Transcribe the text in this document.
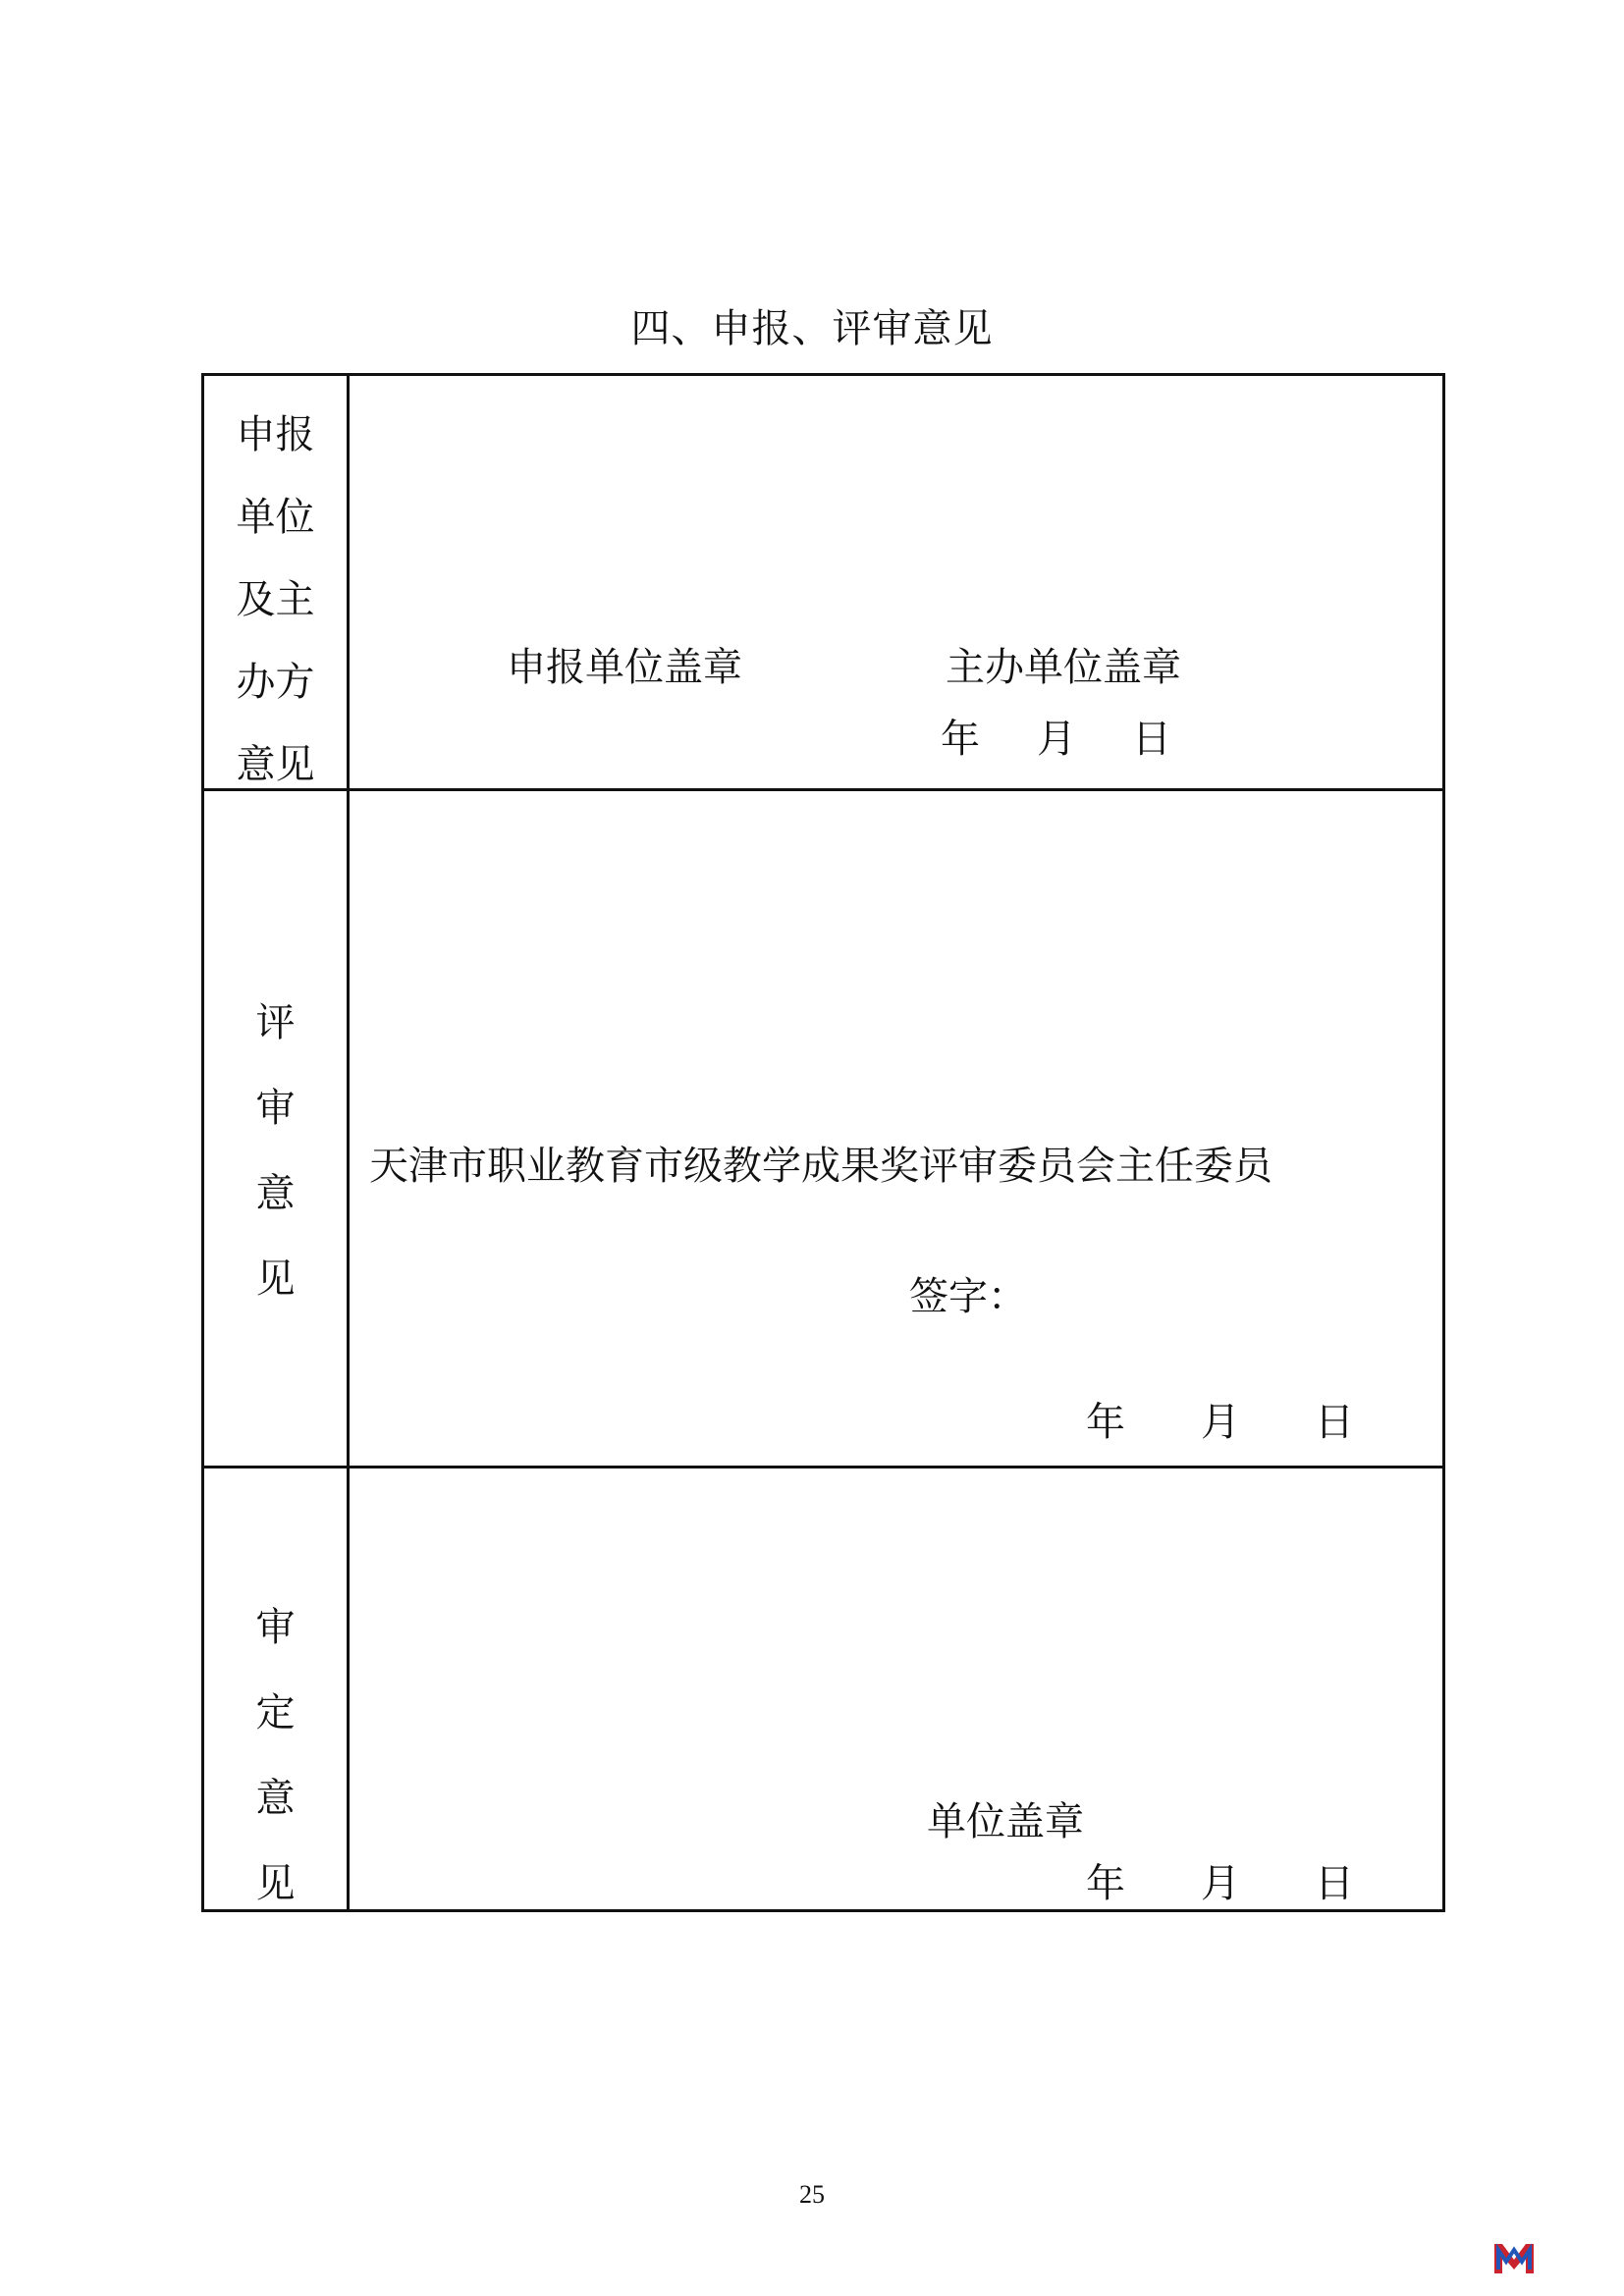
四、申报、评审意见
申报
单位
及主
办方
意见
申报单位盖章	主办单位盖章
年 月 日
评
审
意
见
天津市职业教育市级教学成果奖评审委员会主任委员
签字：
年 月 日
审
定
意
见
单位盖章
年 月 日
25
